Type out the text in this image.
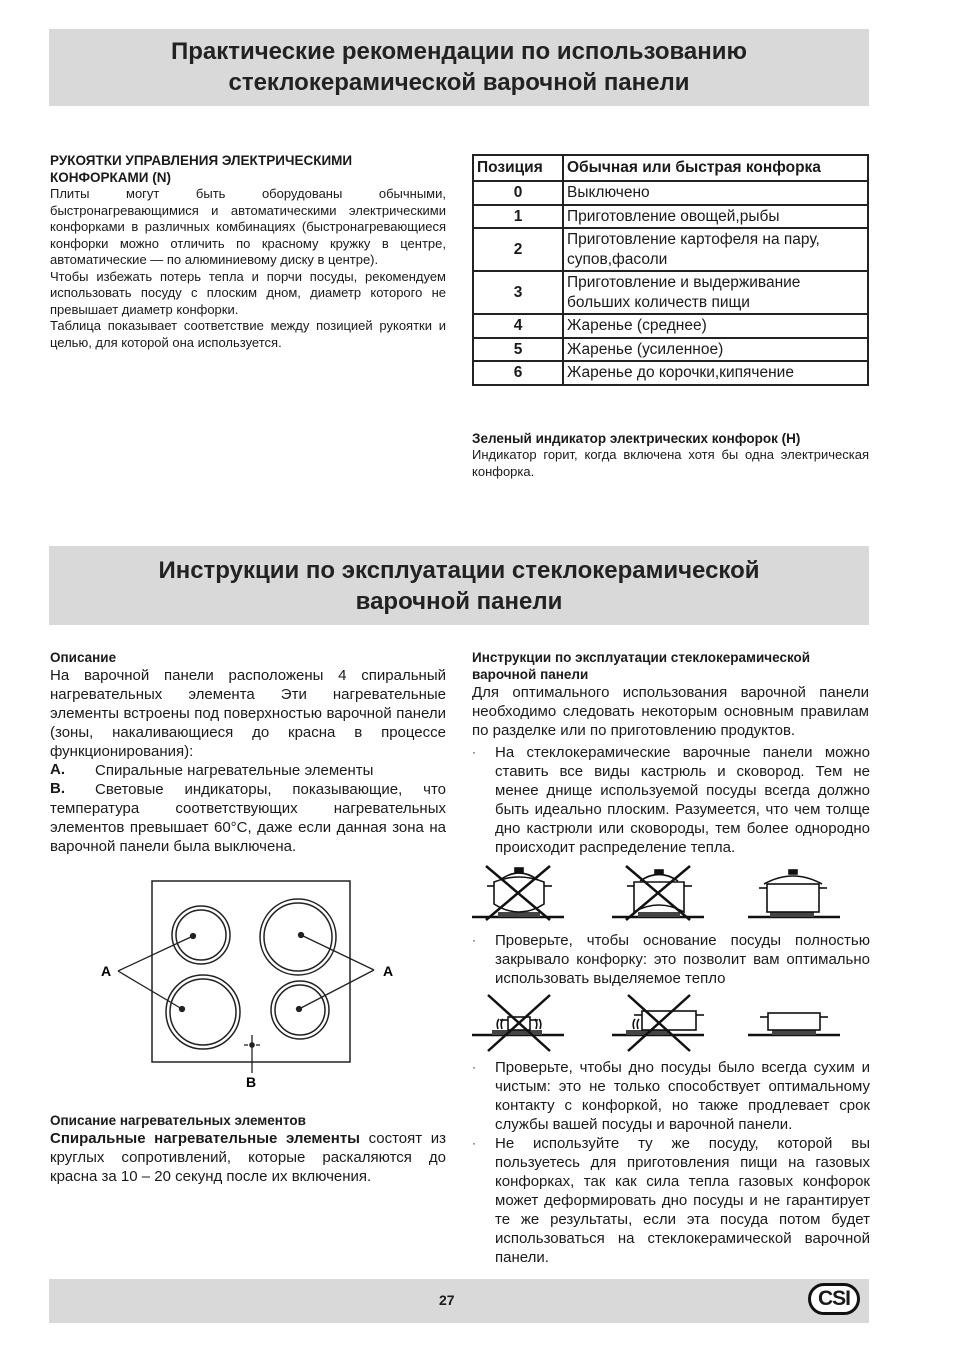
Практические рекомендации по использованию
стеклокерамической варочной панели
РУКОЯТКИ УПРАВЛЕНИЯ ЭЛЕКТРИЧЕСКИМИ
КОНФОРКАМИ (N)
Плиты могут быть оборудованы обычными, быстронагревающимися и автоматическими электрическими конфорками в различных комбинациях (быстронагревающиеся конфорки можно отличить по красному кружку в центре, автоматические — по алюминиевому диску в центре).
Чтобы избежать потерь тепла и порчи посуды, рекомендуем использовать посуду с плоским дном, диаметр которого не превышает диаметр конфорки.
Таблица показывает соответствие между позицией рукоятки и целью, для которой она используется.
Позиция	Обычная или быстрая конфорка
0	Выключено
1	Приготовление овощей,рыбы
2	Приготовление картофеля на пару, супов,фасоли
3	Приготовление и выдерживание больших количеств пищи
4	Жаренье (среднее)
5	Жаренье (усиленное)
6	Жаренье до корочки,кипячение
Зеленый индикатор электрических конфорок (H)
Индикатор горит, когда включена хотя бы одна электрическая конфорка.
Инструкции по эксплуатации стеклокерамической
варочной панели
Описание
На варочной панели расположены 4 спиральный нагревательных элемента Эти нагревательные элементы встроены под поверхностью варочной панели (зоны, накаливающиеся до красна в процессе функционирования):
A. Спиральные нагревательные элементы
B. Световые индикаторы, показывающие, что температура соответствующих нагревательных элементов превышает 60°С, даже если данная зона на варочной панели была выключена.
A	A
B
Описание нагревательных элементов
Спиральные нагревательные элементы состоят из круглых сопротивлений, которые раскаляются до красна за 10 – 20 секунд после их включения.
Инструкции по эксплуатации стеклокерамической
варочной панели
Для оптимального использования варочной панели необходимо следовать некоторым основным правилам по разделке или по приготовлению продуктов.
· На стеклокерамические варочные панели можно ставить все виды кастрюль и сковород. Тем не менее днище используемой посуды всегда должно быть идеально плоским. Разумеется, что чем толще дно кастрюли или сковороды, тем более однородно происходит распределение тепла.
· Проверьте, чтобы основание посуды полностью закрывало конфорку: это позволит вам оптимально использовать выделяемое тепло
· Проверьте, чтобы дно посуды было всегда сухим и чистым: это не только способствует оптимальному контакту с конфоркой, но также продлевает срок службы вашей посуды и варочной панели.
· Не используйте ту же посуду, которой вы пользуетесь для приготовления пищи на газовых конфорках, так как сила тепла газовых конфорок может деформировать дно посуды и не гарантирует те же результаты, если эта посуда потом будет использоваться на стеклокерамической варочной панели.
27	CSI
